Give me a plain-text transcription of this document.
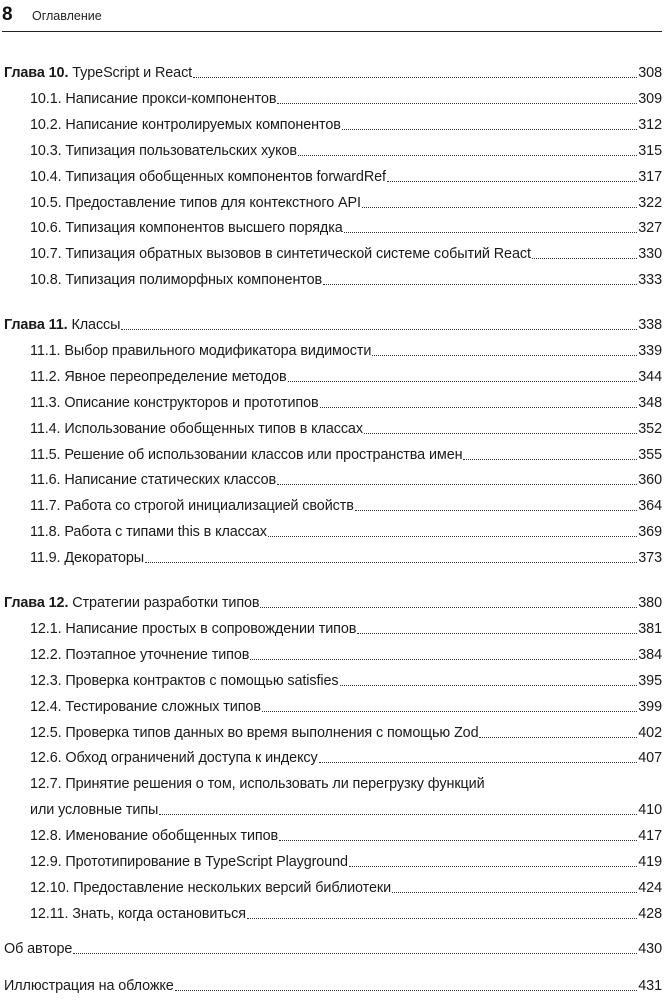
8 Оглавление
Глава 10. TypeScript и React	308
10.1. Написание прокси-компонентов	309
10.2. Написание контролируемых компонентов	312
10.3. Типизация пользовательских хуков	315
10.4. Типизация обобщенных компонентов forwardRef	317
10.5. Предоставление типов для контекстного API	322
10.6. Типизация компонентов высшего порядка	327
10.7. Типизация обратных вызовов в синтетической системе событий React	330
10.8. Типизация полиморфных компонентов	333
Глава 11. Классы	338
11.1. Выбор правильного модификатора видимости	339
11.2. Явное переопределение методов	344
11.3. Описание конструкторов и прототипов	348
11.4. Использование обобщенных типов в классах	352
11.5. Решение об использовании классов или пространства имен	355
11.6. Написание статических классов	360
11.7. Работа со строгой инициализацией свойств	364
11.8. Работа с типами this в классах	369
11.9. Декораторы	373
Глава 12. Стратегии разработки типов	380
12.1. Написание простых в сопровождении типов	381
12.2. Поэтапное уточнение типов	384
12.3. Проверка контрактов с помощью satisfies	395
12.4. Тестирование сложных типов	399
12.5. Проверка типов данных во время выполнения с помощью Zod	402
12.6. Обход ограничений доступа к индексу	407
12.7. Принятие решения о том, использовать ли перегрузку функций
или условные типы	410
12.8. Именование обобщенных типов	417
12.9. Прототипирование в TypeScript Playground	419
12.10. Предоставление нескольких версий библиотеки	424
12.11. Знать, когда остановиться	428
Об авторе	430
Иллюстрация на обложке	431
